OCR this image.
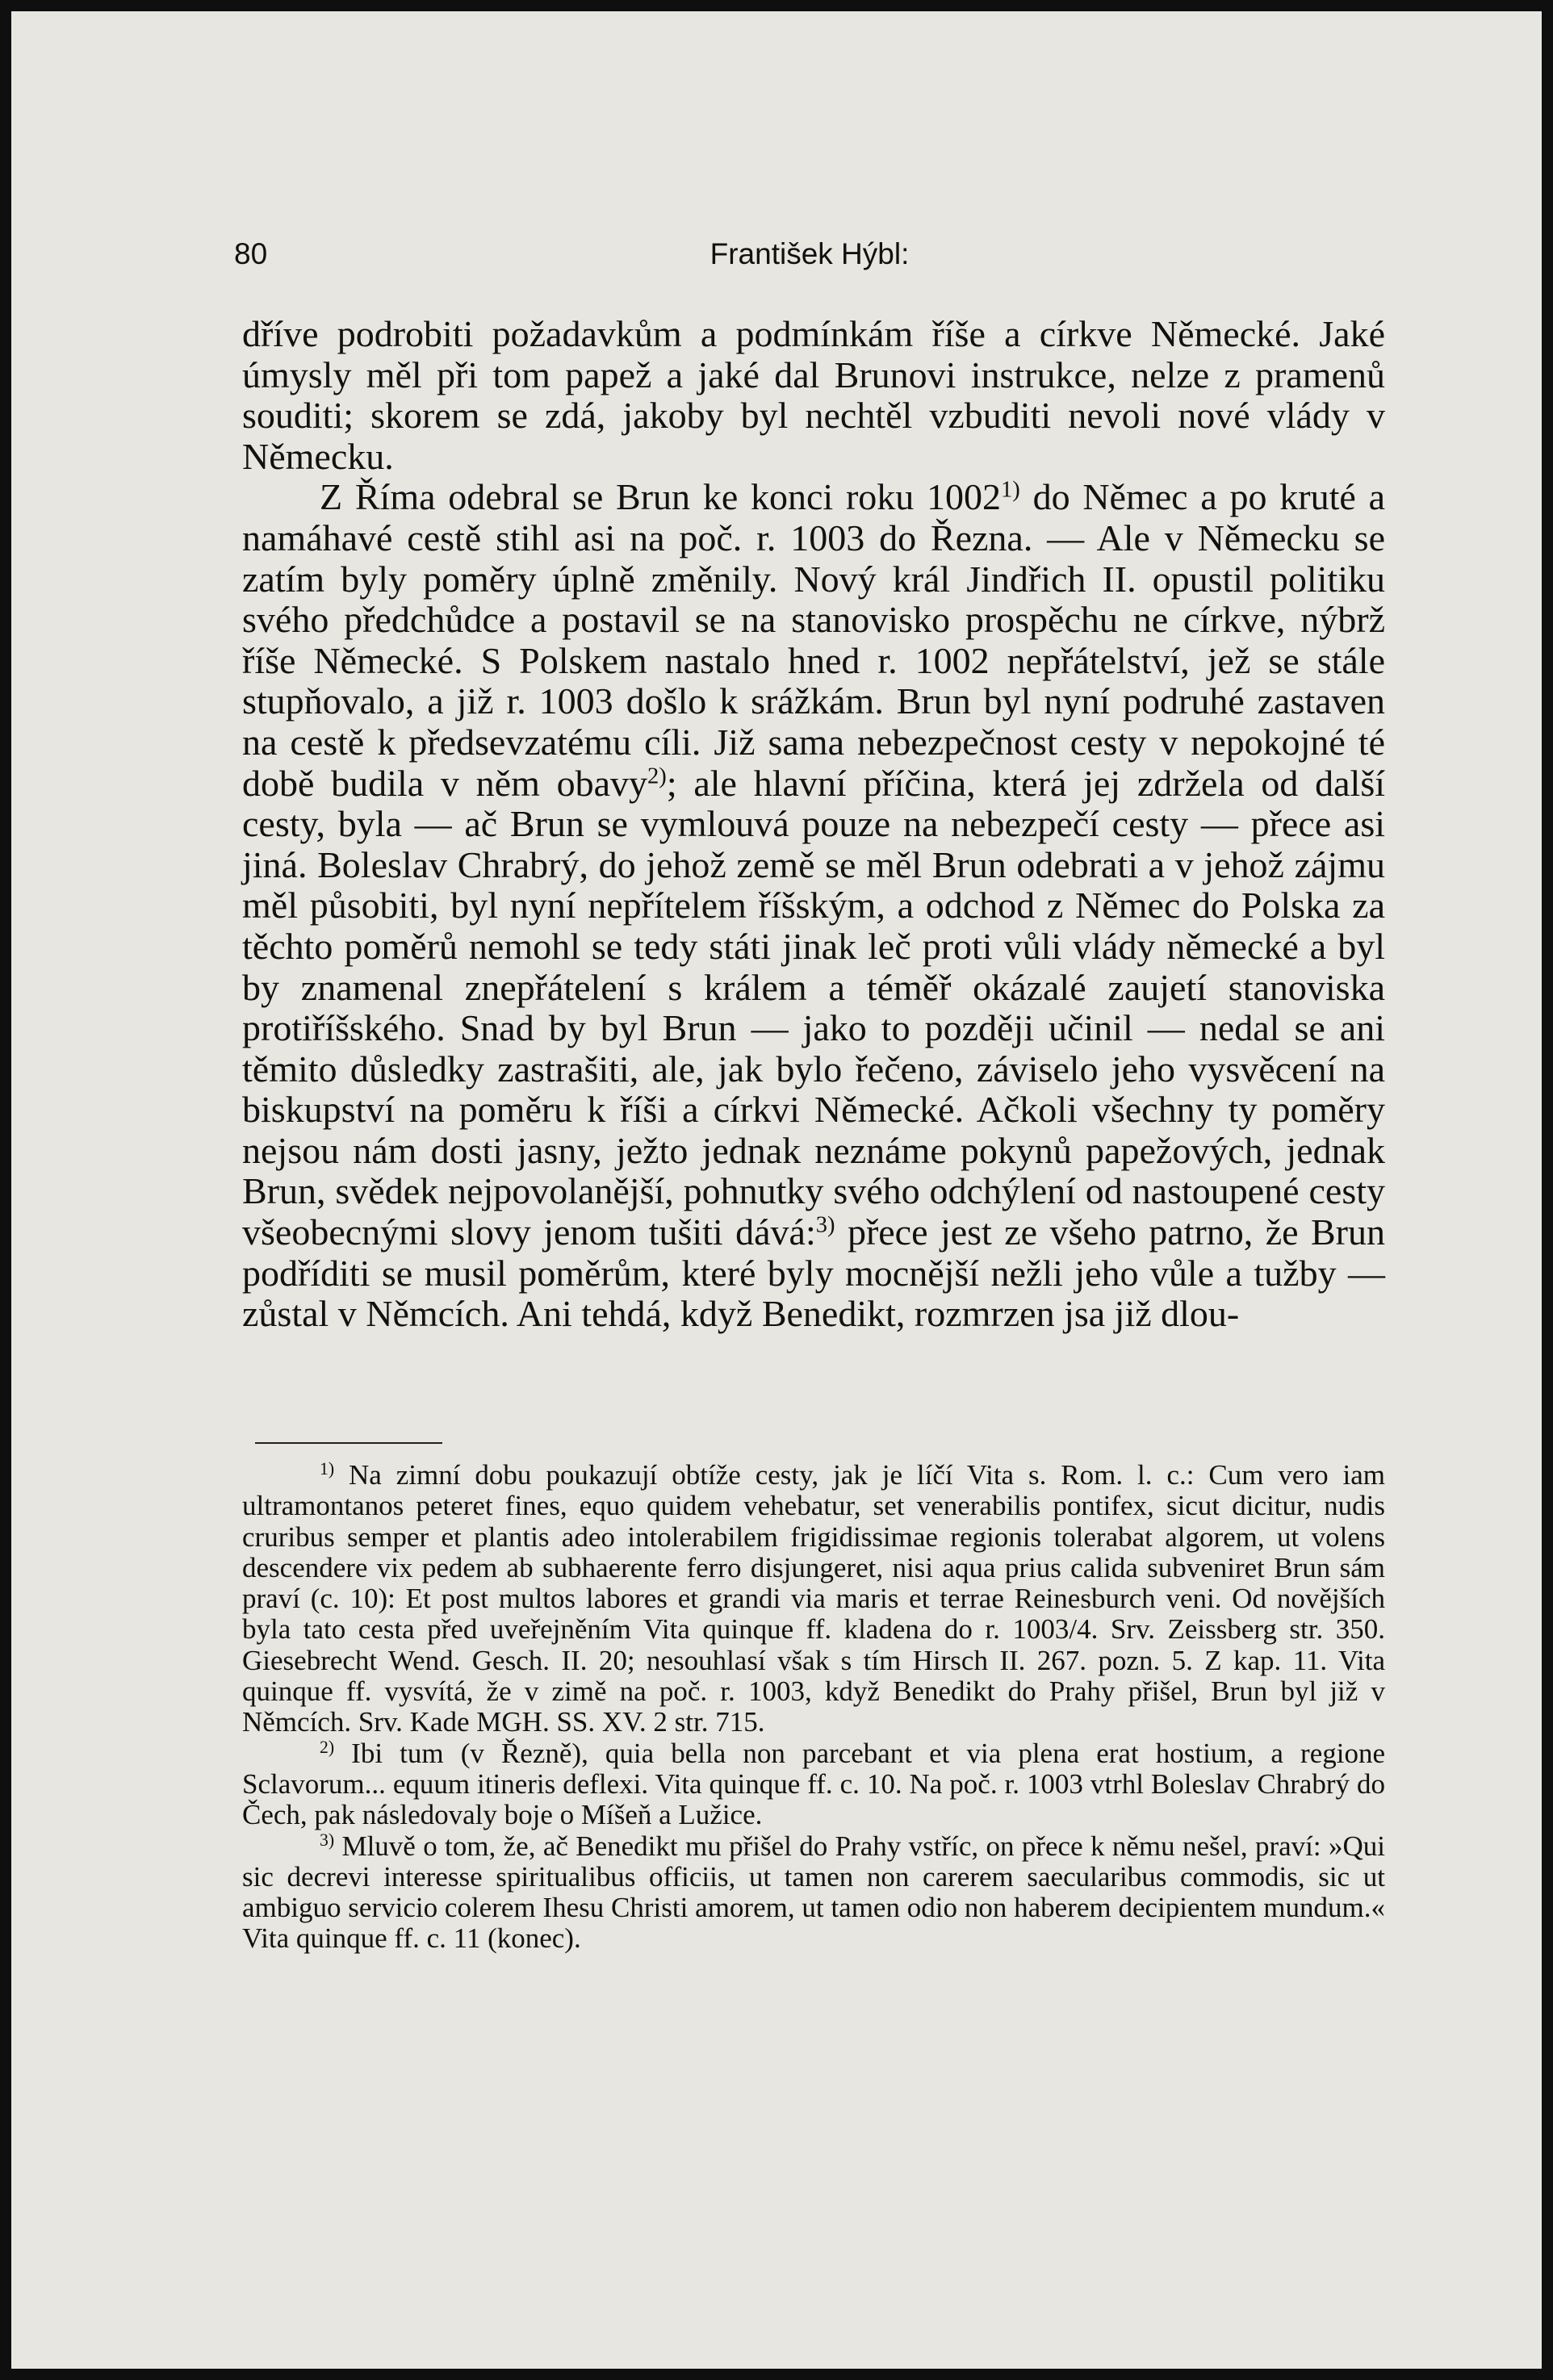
80	František Hýbl:

dříve podrobiti požadavkům a podmínkám říše a církve Německé. Jaké úmysly měl při tom papež a jaké dal Brunovi instrukce, nelze z pramenů souditi; skorem se zdá, jakoby byl nechtěl vzbuditi nevoli nové vlády v Německu.

Z Říma odebral se Brun ke konci roku 1002$^{1)}$ do Němec a po kruté a namáhavé cestě stihl asi na poč. r. 1003 do Řezna. — Ale v Německu se zatím byly poměry úplně změnily. Nový král Jindřich II. opustil politiku svého předchůdce a postavil se na stanovisko prospěchu ne církve, nýbrž říše Německé. S Polskem nastalo hned r. 1002 nepřátelství, jež se stále stupňovalo, a již r. 1003 došlo k srážkám. Brun byl nyní podruhé zastaven na cestě k předsevzatému cíli. Již sama nebezpečnost cesty v nepokojné té době budila v něm obavy$^{2)}$; ale hlavní příčina, která jej zdržela od další cesty, byla — ač Brun se vymlouvá pouze na nebezpečí cesty — přece asi jiná. Boleslav Chrabrý, do jehož země se měl Brun odebrati a v jehož zájmu měl působiti, byl nyní nepřítelem říšským, a odchod z Němec do Polska za těchto poměrů nemohl se tedy státi jinak leč proti vůli vlády německé a byl by znamenal znepřátelení s králem a téměř okázalé zaujetí stanoviska protiříšského. Snad by byl Brun — jako to později učinil — nedal se ani těmito důsledky zastrašiti, ale, jak bylo řečeno, záviselo jeho vysvěcení na biskupství na poměru k říši a církvi Německé. Ačkoli všechny ty poměry nejsou nám dosti jasny, ježto jednak neznáme pokynů papežových, jednak Brun, svědek nejpovolanější, pohnutky svého odchýlení od nastoupené cesty všeobecnými slovy jenom tušiti dává:$^{3)}$ přece jest ze všeho patrno, že Brun podříditi se musil poměrům, které byly mocnější nežli jeho vůle a tužby — zůstal v Němcích. Ani tehdá, když Benedikt, rozmrzen jsa již dlou-

$^{1)}$ Na zimní dobu poukazují obtíže cesty, jak je líčí Vita s. Rom. l. c.: Cum vero iam ultramontanos peteret fines, equo quidem vehebatur, set venerabilis pontifex, sicut dicitur, nudis cruribus semper et plantis adeo intolerabilem frigidissimae regionis tolerabat algorem, ut volens descendere vix pedem ab subhaerente ferro disjungeret, nisi aqua prius calida subveniret Brun sám praví (c. 10): Et post multos labores et grandi via maris et terrae Reinesburch veni. Od novějších byla tato cesta před uveřejněním Vita quinque ff. kladena do r. 1003/4. Srv. Zeissberg str. 350. Giesebrecht Wend. Gesch. II. 20; nesouhlasí však s tím Hirsch II. 267. pozn. 5. Z kap. 11. Vita quinque ff. vysvítá, že v zimě na poč. r. 1003, když Benedikt do Prahy přišel, Brun byl již v Němcích. Srv. Kade MGH. SS. XV. 2 str. 715.

$^{2)}$ Ibi tum (v Řezně), quia bella non parcebant et via plena erat hostium, a regione Sclavorum... equum itineris deflexi. Vita quinque ff. c. 10. Na poč. r. 1003 vtrhl Boleslav Chrabrý do Čech, pak následovaly boje o Míšeň a Lužice.

$^{3)}$ Mluvě o tom, že, ač Benedikt mu přišel do Prahy vstříc, on přece k němu nešel, praví: »Qui sic decrevi interesse spiritualibus officiis, ut tamen non carerem saecularibus commodis, sic ut ambiguo servicio colerem Ihesu Christi amorem, ut tamen odio non haberem decipientem mundum.« Vita quinque ff. c. 11 (konec).
